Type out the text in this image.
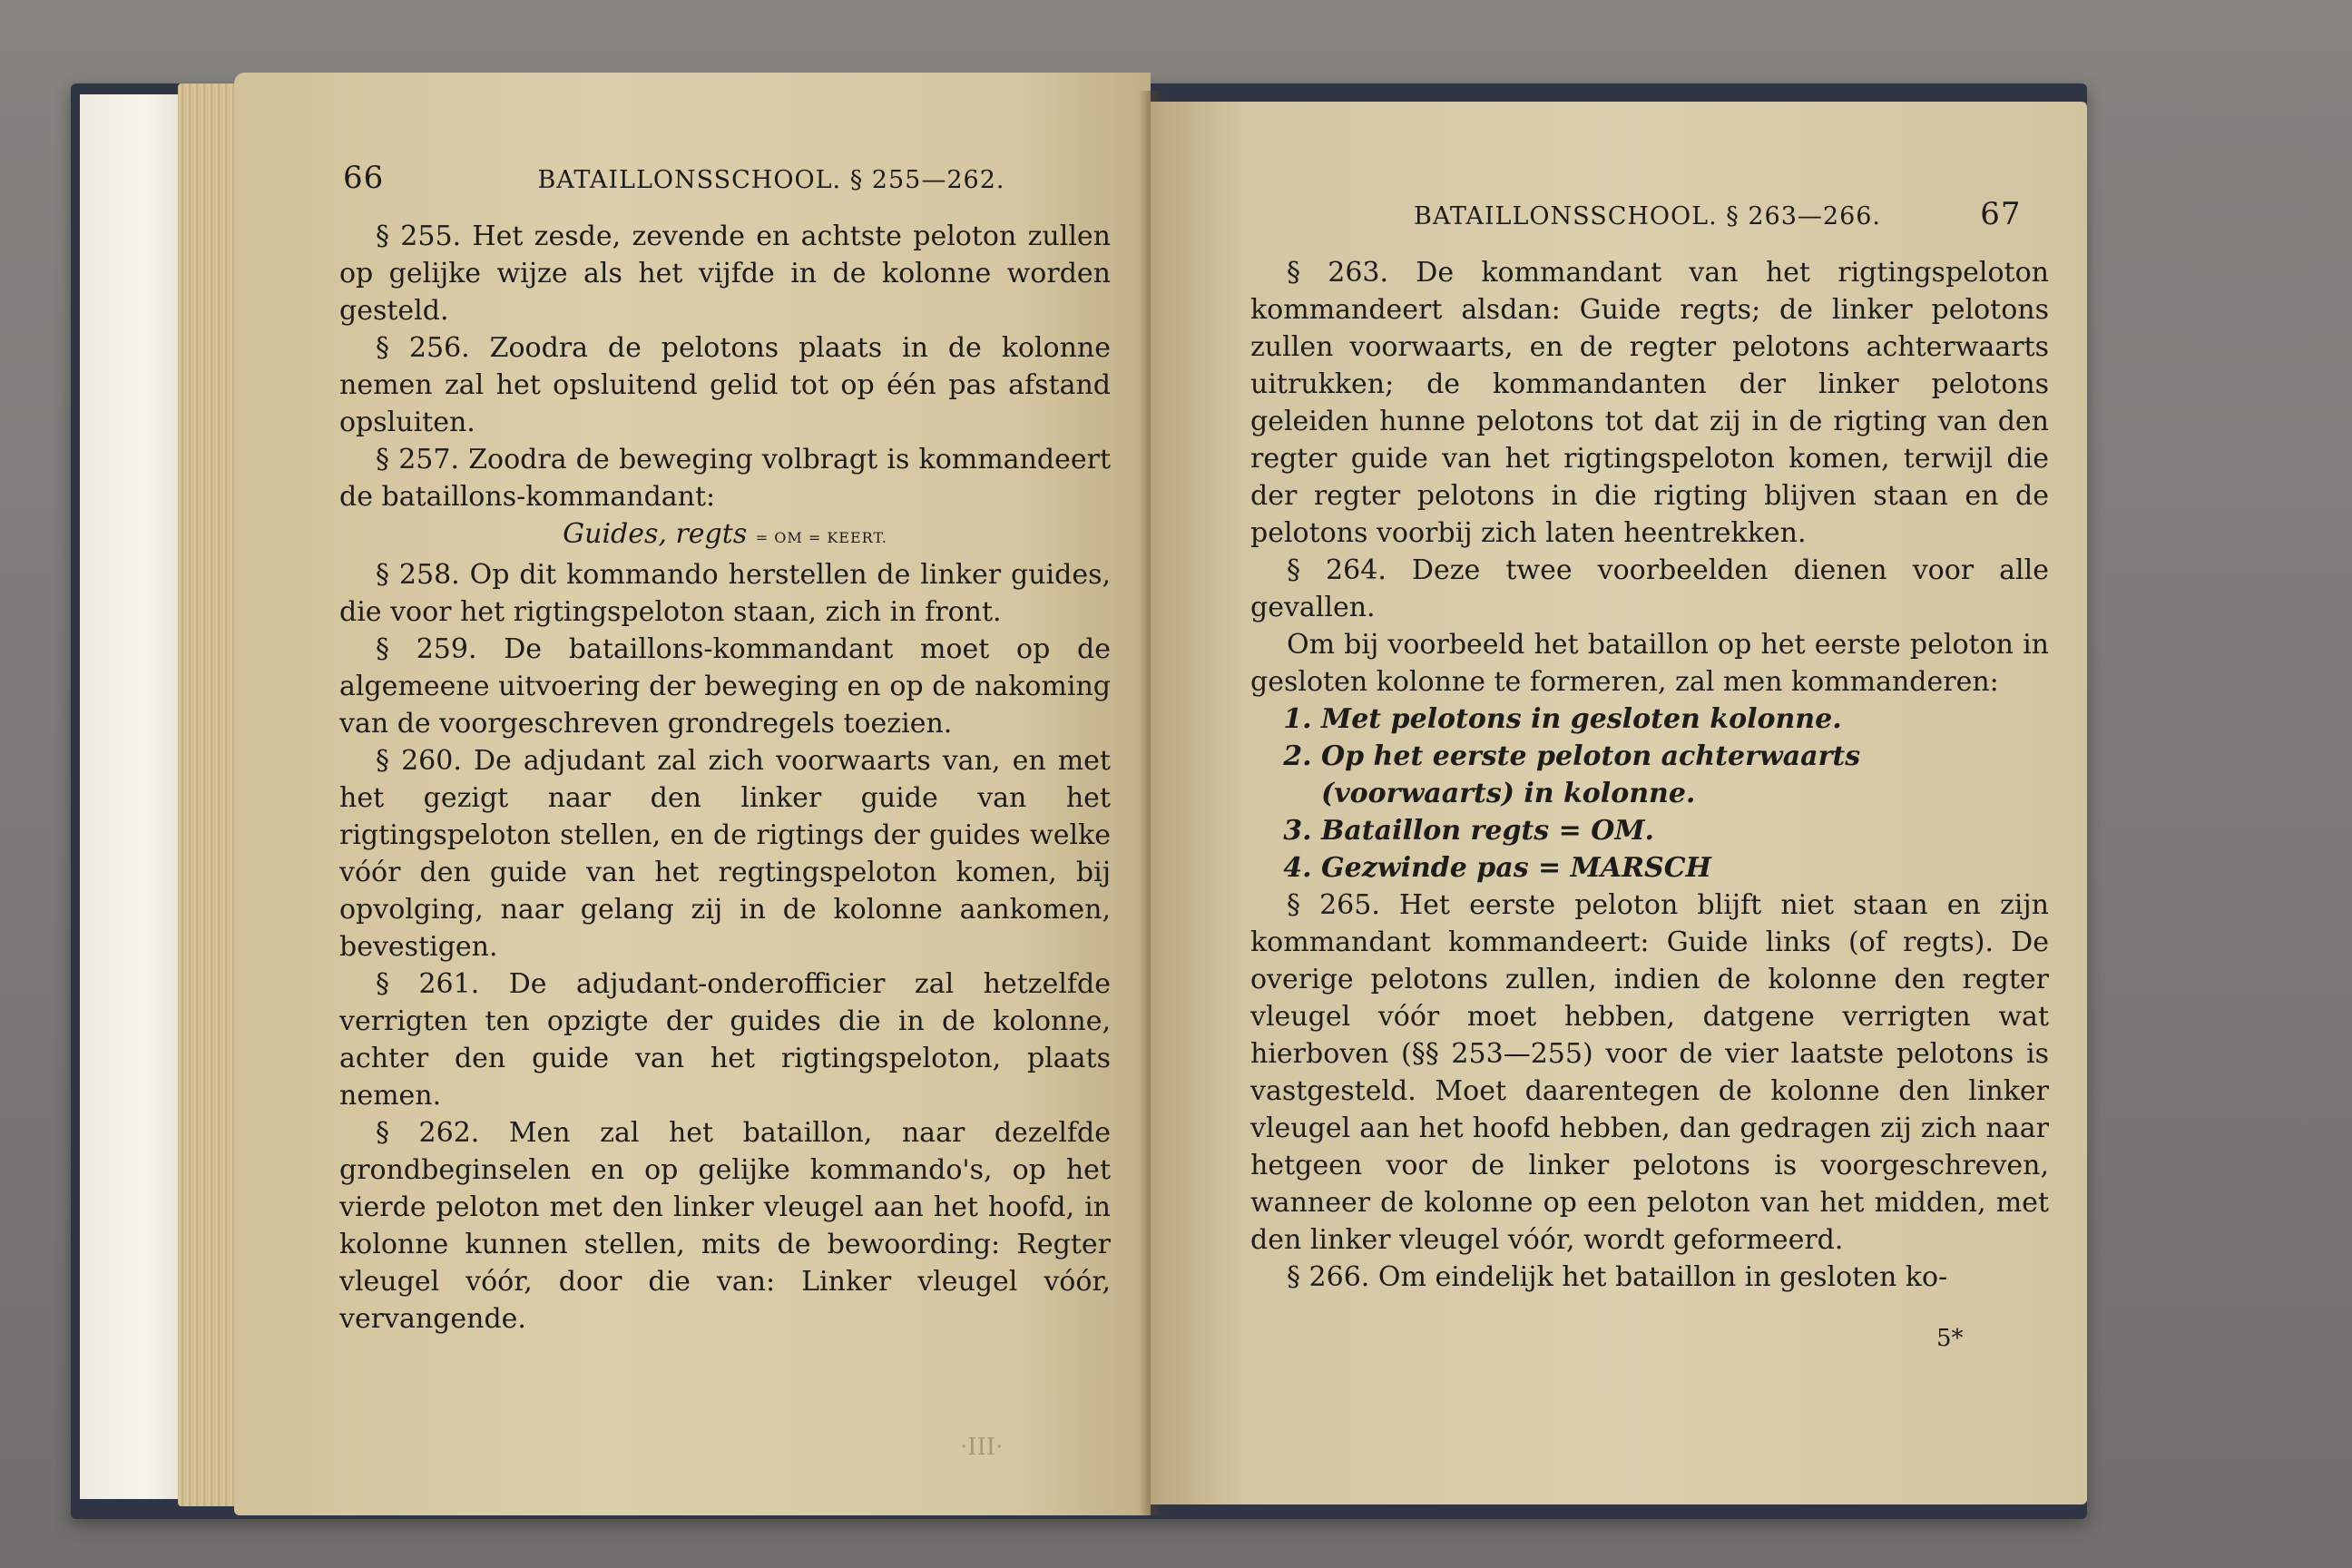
66	BATAILLONSSCHOOL. § 255—262.

§ 255. Het zesde, zevende en achtste peloton zullen op gelijke wijze als het vijfde in de kolonne worden gesteld.

§ 256. Zoodra de pelotons plaats in de kolonne nemen zal het opsluitend gelid tot op één pas afstand opsluiten.

§ 257. Zoodra de beweging volbragt is kommandeert de bataillons-kommandant:

Guides, regts = OM = KEERT.

§ 258. Op dit kommando herstellen de linker guides, die voor het rigtingspeloton staan, zich in front.

§ 259. De bataillons-kommandant moet op de algemeene uitvoering der beweging en op de nakoming van de voorgeschreven grondregels toezien.

§ 260. De adjudant zal zich voorwaarts van, en met het gezigt naar den linker guide van het rigtingspeloton stellen, en de rigtings der guides welke vóór den guide van het regtingspeloton komen, bij opvolging, naar gelang zij in de kolonne aankomen, bevestigen.

§ 261. De adjudant-onderofficier zal hetzelfde verrigten ten opzigte der guides die in de kolonne, achter den guide van het rigtingspeloton, plaats nemen.

§ 262. Men zal het bataillon, naar dezelfde grondbeginselen en op gelijke kommando's, op het vierde peloton met den linker vleugel aan het hoofd, in kolonne kunnen stellen, mits de bewoording: Regter vleugel vóór, door die van: Linker vleugel vóór, vervangende.

·III·
BATAILLONSSCHOOL. § 263—266.	67

§ 263. De kommandant van het rigtingspeloton kommandeert alsdan: Guide regts; de linker pelotons zullen voorwaarts, en de regter pelotons achterwaarts uitrukken; de kommandanten der linker pelotons geleiden hunne pelotons tot dat zij in de rigting van den regter guide van het rigtingspeloton komen, terwijl die der regter pelotons in die rigting blijven staan en de pelotons voorbij zich laten heentrekken.

§ 264. Deze twee voorbeelden dienen voor alle gevallen.

Om bij voorbeeld het bataillon op het eerste peloton in gesloten kolonne te formeren, zal men kommanderen:

1. Met pelotons in gesloten kolonne.
2. Op het eerste peloton achterwaarts (voorwaarts) in kolonne.
3. Bataillon regts = OM.
4. Gezwinde pas = MARSCH

§ 265. Het eerste peloton blijft niet staan en zijn kommandant kommandeert: Guide links (of regts). De overige pelotons zullen, indien de kolonne den regter vleugel vóór moet hebben, datgene verrigten wat hierboven (§§ 253—255) voor de vier laatste pelotons is vastgesteld. Moet daarentegen de kolonne den linker vleugel aan het hoofd hebben, dan gedragen zij zich naar hetgeen voor de linker pelotons is voorgeschreven, wanneer de kolonne op een peloton van het midden, met den linker vleugel vóór, wordt geformeerd.

§ 266. Om eindelijk het bataillon in gesloten ko-

5*
